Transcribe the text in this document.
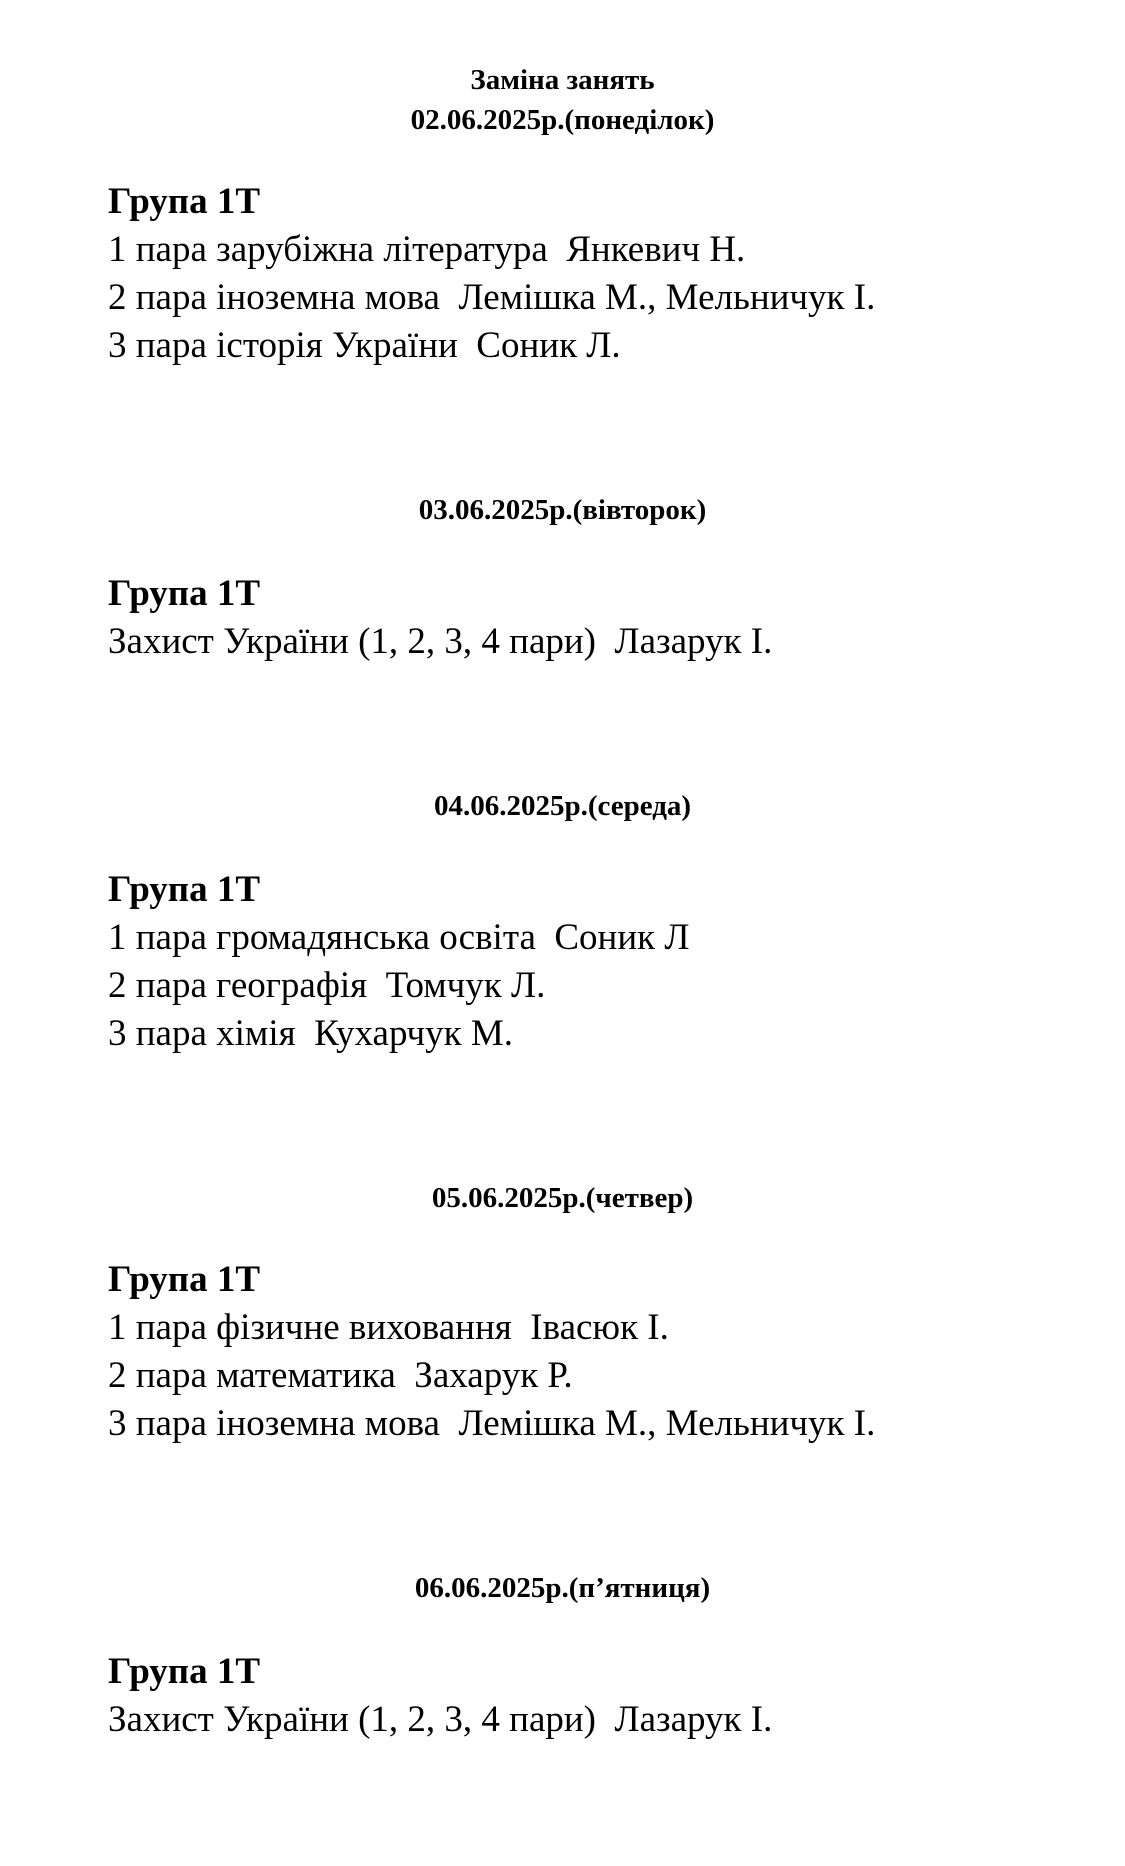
Заміна занять
02.06.2025р.(понеділок)

Група 1Т

1 пара зарубіжна література  Янкевич Н.

2 пара іноземна мова  Лемішка М., Мельничук І.

3 пара історія України  Соник Л.

03.06.2025р.(вівторок)

Група 1Т

Захист України (1, 2, 3, 4 пари)  Лазарук І.

04.06.2025р.(середа)

Група 1Т

1 пара громадянська освіта  Соник Л

2 пара географія  Томчук Л.

3 пара хімія  Кухарчук М.

05.06.2025р.(четвер)

Група 1Т

1 пара фізичне виховання  Івасюк І.

2 пара математика  Захарук Р.

3 пара іноземна мова  Лемішка М., Мельничук І.

06.06.2025р.(п’ятниця)

Група 1Т

Захист України (1, 2, 3, 4 пари)  Лазарук І.
